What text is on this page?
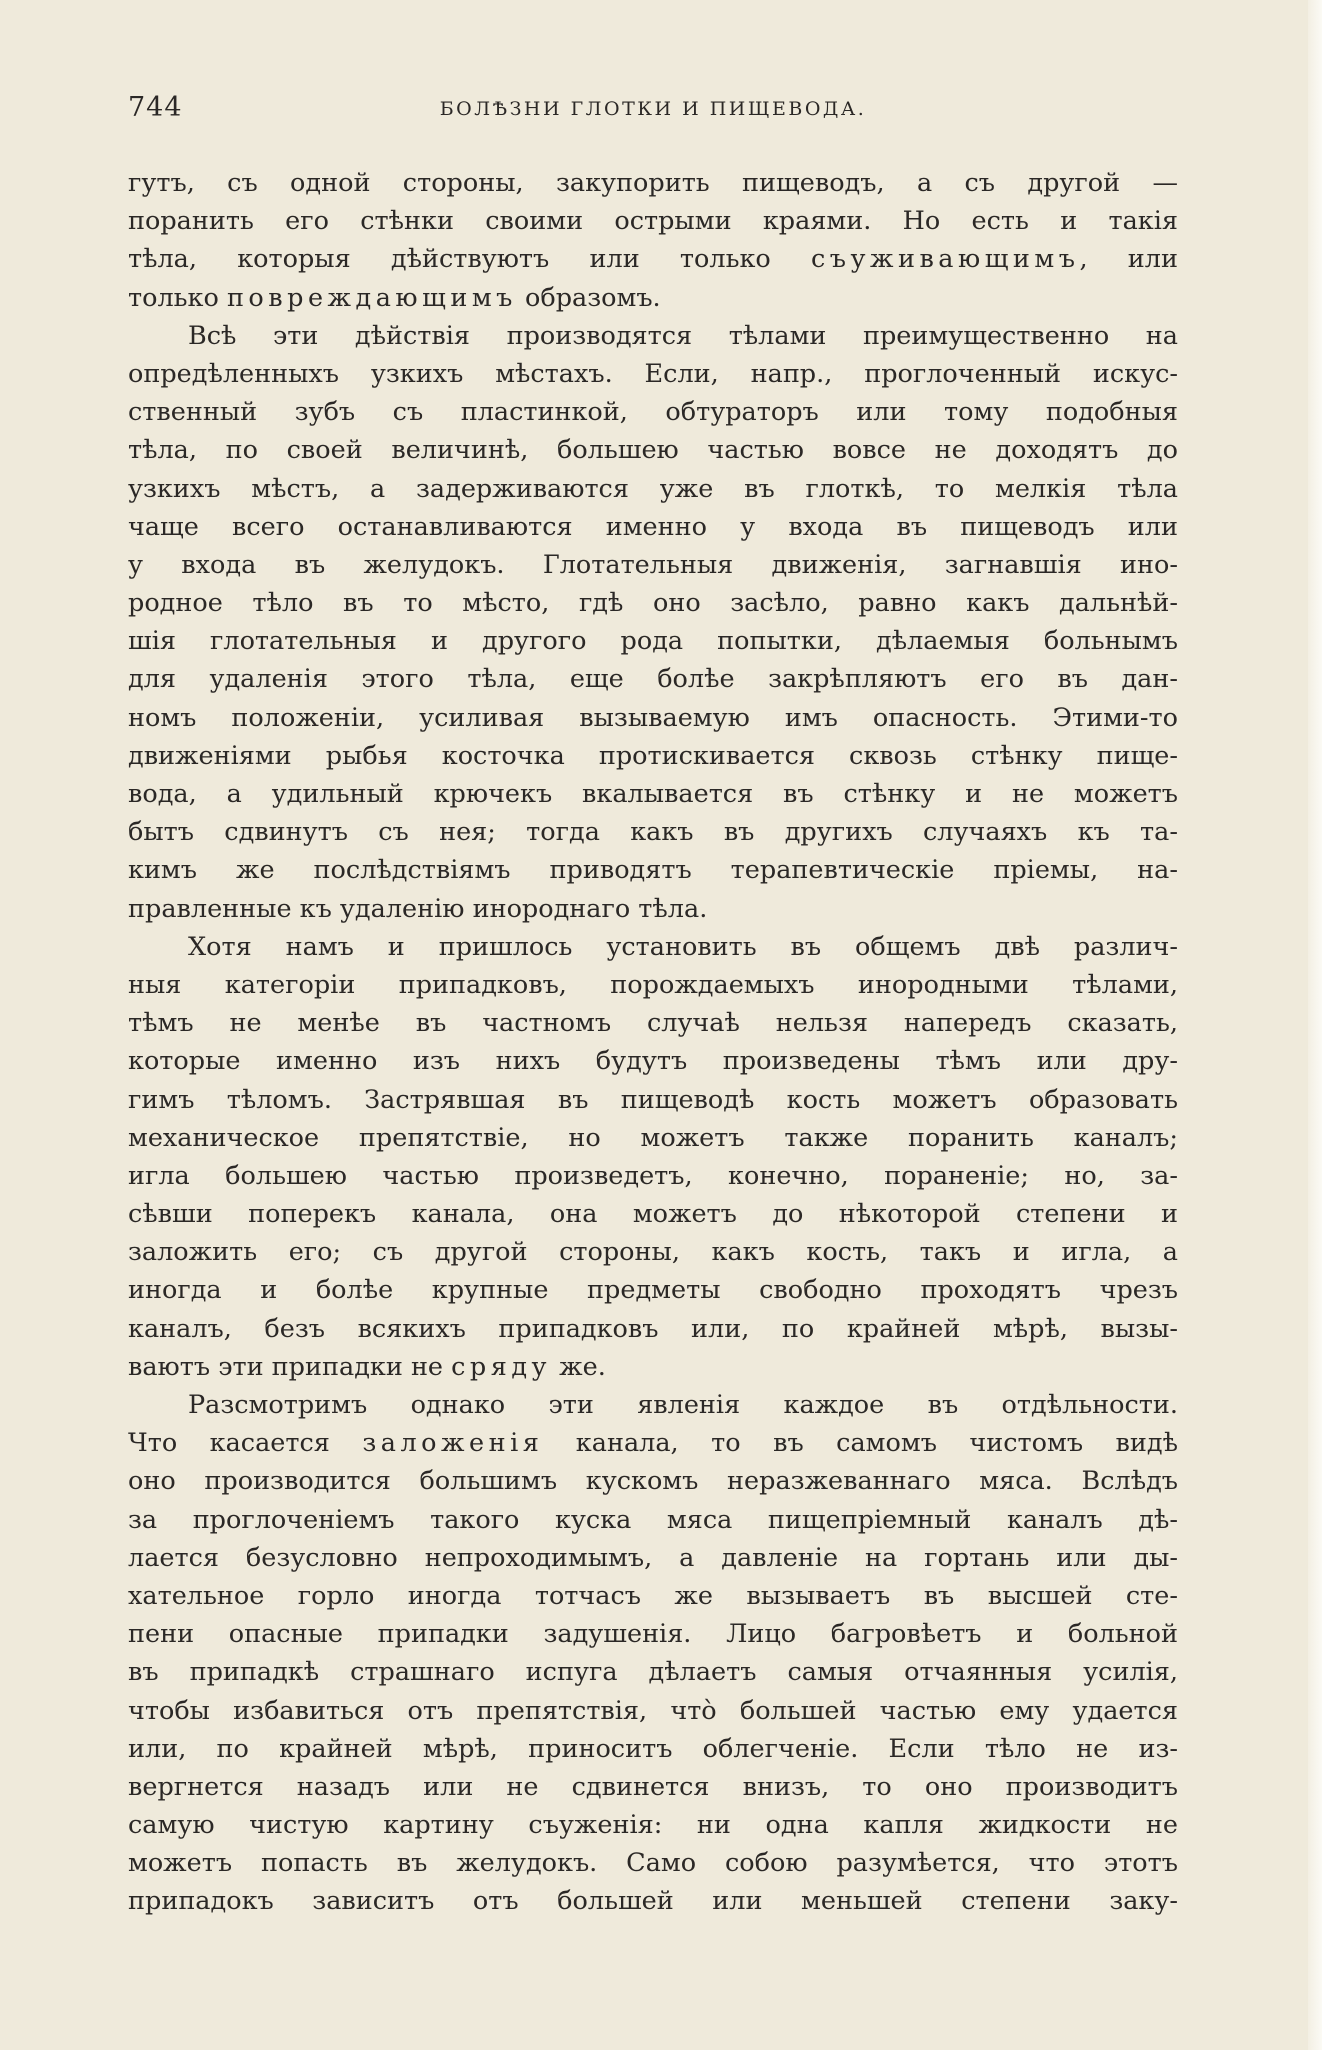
744	БОЛѢЗНИ ГЛОТКИ И ПИЩЕВОДА.
гутъ, съ одной стороны, закупорить пищеводъ, а съ другой —
поранить его стѣнки своими острыми краями. Но есть и такія
тѣла, которыя дѣйствуютъ или только съуживающимъ, или
только повреждающимъ образомъ.
Всѣ эти дѣйствія производятся тѣлами преимущественно на
опредѣленныхъ узкихъ мѣстахъ. Если, напр., проглоченный искус-
ственный зубъ съ пластинкой, обтураторъ или тому подобныя
тѣла, по своей величинѣ, большею частью вовсе не доходятъ до
узкихъ мѣстъ, а задерживаются уже въ глоткѣ, то мелкія тѣла
чаще всего останавливаются именно у входа въ пищеводъ или
у входа въ желудокъ. Глотательныя движенія, загнавшія ино-
родное тѣло въ то мѣсто, гдѣ оно засѣло, равно какъ дальнѣй-
шія глотательныя и другого рода попытки, дѣлаемыя больнымъ
для удаленія этого тѣла, еще болѣе закрѣпляютъ его въ дан-
номъ положеніи, усиливая вызываемую имъ опасность. Этими-то
движеніями рыбья косточка протискивается сквозь стѣнку пище-
вода, а удильный крючекъ вкалывается въ стѣнку и не можетъ
бытъ сдвинутъ съ нея; тогда какъ въ другихъ случаяхъ къ та-
кимъ же послѣдствіямъ приводятъ терапевтическіе пріемы, на-
правленные къ удаленію инороднаго тѣла.
Хотя намъ и пришлось установить въ общемъ двѣ различ-
ныя категоріи припадковъ, порождаемыхъ инородными тѣлами,
тѣмъ не менѣе въ частномъ случаѣ нельзя напередъ сказать,
которые именно изъ нихъ будутъ произведены тѣмъ или дру-
гимъ тѣломъ. Застрявшая въ пищеводѣ кость можетъ образовать
механическое препятствіе, но можетъ также поранить каналъ;
игла большею частью произведетъ, конечно, пораненіе; но, за-
сѣвши поперекъ канала, она можетъ до нѣкоторой степени и
заложить его; съ другой стороны, какъ кость, такъ и игла, а
иногда и болѣе крупные предметы свободно проходятъ чрезъ
каналъ, безъ всякихъ припадковъ или, по крайней мѣрѣ, вызы-
ваютъ эти припадки не сряду же.
Разсмотримъ однако эти явленія каждое въ отдѣльности.
Что касается заложенія канала, то въ самомъ чистомъ видѣ
оно производится большимъ кускомъ неразжеваннаго мяса. Вслѣдъ
за проглоченіемъ такого куска мяса пищепріемный каналъ дѣ-
лается безусловно непроходимымъ, а давленіе на гортань или ды-
хательное горло иногда тотчасъ же вызываетъ въ высшей сте-
пени опасные припадки задушенія. Лицо багровѣетъ и больной
въ припадкѣ страшнаго испуга дѣлаетъ самыя отчаянныя усилія,
чтобы избавиться отъ препятствія, что̀ большей частью ему удается
или, по крайней мѣрѣ, приноситъ облегченіе. Если тѣло не из-
вергнется назадъ или не сдвинется внизъ, то оно производитъ
самую чистую картину съуженія: ни одна капля жидкости не
можетъ попасть въ желудокъ. Само собою разумѣется, что этотъ
припадокъ зависитъ отъ большей или меньшей степени заку-
